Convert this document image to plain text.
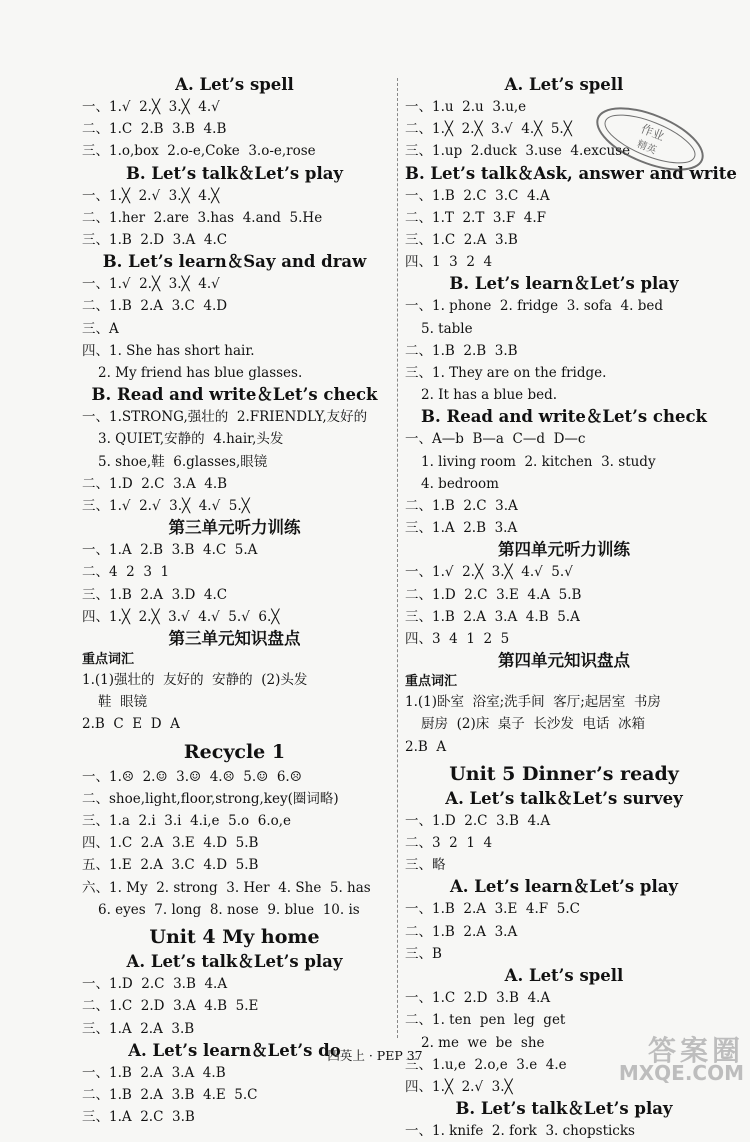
A. Let’s spell
一、1.√  2.╳  3.╳  4.√
二、1.C  2.B  3.B  4.B
三、1.o,box  2.o-e,Coke  3.o-e,rose
B. Let’s talk＆Let’s play
一、1.╳  2.√  3.╳  4.╳
二、1.her  2.are  3.has  4.and  5.He
三、1.B  2.D  3.A  4.C
B. Let’s learn＆Say and draw
一、1.√  2.╳  3.╳  4.√
二、1.B  2.A  3.C  4.D
三、A
四、1. She has short hair.
2. My friend has blue glasses.
B. Read and write＆Let’s check
一、1.STRONG,强壮的  2.FRIENDLY,友好的
3. QUIET,安静的  4.hair,头发
5. shoe,鞋  6.glasses,眼镜
二、1.D  2.C  3.A  4.B
三、1.√  2.√  3.╳  4.√  5.╳
第三单元听力训练
一、1.A  2.B  3.B  4.C  5.A
二、4  2  3  1
三、1.B  2.A  3.D  4.C
四、1.╳  2.╳  3.√  4.√  5.√  6.╳
第三单元知识盘点
重点词汇
1.(1)强壮的  友好的  安静的  (2)头发
鞋  眼镜
2.B  C  E  D  A
Recycle 1
一、1.☹  2.☺  3.☺  4.☹  5.☺  6.☹
二、shoe,light,floor,strong,key(圈词略)
三、1.a  2.i  3.i  4.i,e  5.o  6.o,e
四、1.C  2.A  3.E  4.D  5.B
五、1.E  2.A  3.C  4.D  5.B
六、1. My  2. strong  3. Her  4. She  5. has
6. eyes  7. long  8. nose  9. blue  10. is
Unit 4 My home
A. Let’s talk＆Let’s play
一、1.D  2.C  3.B  4.A
二、1.C  2.D  3.A  4.B  5.E
三、1.A  2.A  3.B
A. Let’s learn＆Let’s do
一、1.B  2.A  3.A  4.B
二、1.B  2.A  3.B  4.E  5.C
三、1.A  2.C  3.B
A. Let’s spell
一、1.u  2.u  3.u,e
二、1.╳  2.╳  3.√  4.╳  5.╳
三、1.up  2.duck  3.use  4.excuse
B. Let’s talk＆Ask, answer and write
一、1.B  2.C  3.C  4.A
二、1.T  2.T  3.F  4.F
三、1.C  2.A  3.B
四、1  3  2  4
B. Let’s learn＆Let’s play
一、1. phone  2. fridge  3. sofa  4. bed
5. table
二、1.B  2.B  3.B
三、1. They are on the fridge.
2. It has a blue bed.
B. Read and write＆Let’s check
一、A—b  B—a  C—d  D—c
1. living room  2. kitchen  3. study
4. bedroom
二、1.B  2.C  3.A
三、1.A  2.B  3.A
第四单元听力训练
一、1.√  2.╳  3.╳  4.√  5.√
二、1.D  2.C  3.E  4.A  5.B
三、1.B  2.A  3.A  4.B  5.A
四、3  4  1  2  5
第四单元知识盘点
重点词汇
1.(1)卧室  浴室;洗手间  客厅;起居室  书房
厨房  (2)床  桌子  长沙发  电话  冰箱
2.B  A
Unit 5 Dinner’s ready
A. Let’s talk＆Let’s survey
一、1.D  2.C  3.B  4.A
二、3  2  1  4
三、略
A. Let’s learn＆Let’s play
一、1.B  2.A  3.E  4.F  5.C
二、1.B  2.A  3.A
三、B
A. Let’s spell
一、1.C  2.D  3.B  4.A
二、1. ten  pen  leg  get
2. me  we  be  she
三、1.u,e  2.o,e  3.e  4.e
四、1.╳  2.√  3.╳
B. Let’s talk＆Let’s play
一、1. knife  2. fork  3. chopsticks
作业
精英
四英上 · PEP 37	答案圈
MXQE.COM
